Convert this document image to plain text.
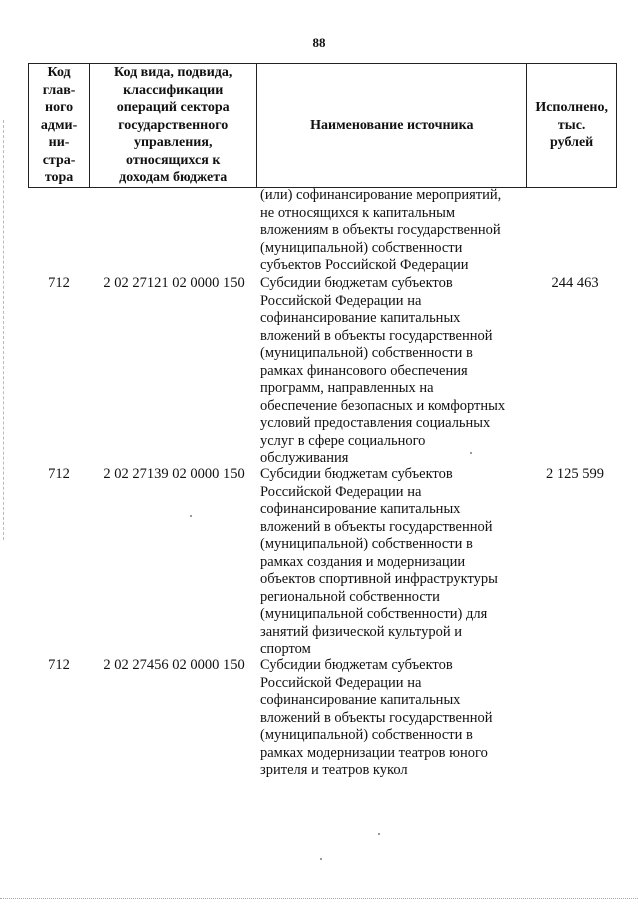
88
Код
глав-
ного
адми-
ни-
стра-
тора	Код вида, подвида,
классификации
операций сектора
государственного
управления,
относящихся к
доходам бюджета	Наименование источника	Исполнено,
тыс.
рублей
(или) софинансирование мероприятий,
не относящихся к капитальным
вложениям в объекты государственной
(муниципальной) собственности
субъектов Российской Федерации
712	2 02 27121 02 0000 150	Субсидии бюджетам субъектов
Российской Федерации на
софинансирование капитальных
вложений в объекты государственной
(муниципальной) собственности в
рамках финансового обеспечения
программ, направленных на
обеспечение безопасных и комфортных
условий предоставления социальных
услуг в сфере социального
обслуживания
244 463
712	2 02 27139 02 0000 150	Субсидии бюджетам субъектов
Российской Федерации на
софинансирование капитальных
вложений в объекты государственной
(муниципальной) собственности в
рамках создания и модернизации
объектов спортивной инфраструктуры
региональной собственности
(муниципальной собственности) для
занятий физической культурой и
спортом
2 125 599
712	2 02 27456 02 0000 150	Субсидии бюджетам субъектов
Российской Федерации на
софинансирование капитальных
вложений в объекты государственной
(муниципальной) собственности в
рамках модернизации театров юного
зрителя и театров кукол
